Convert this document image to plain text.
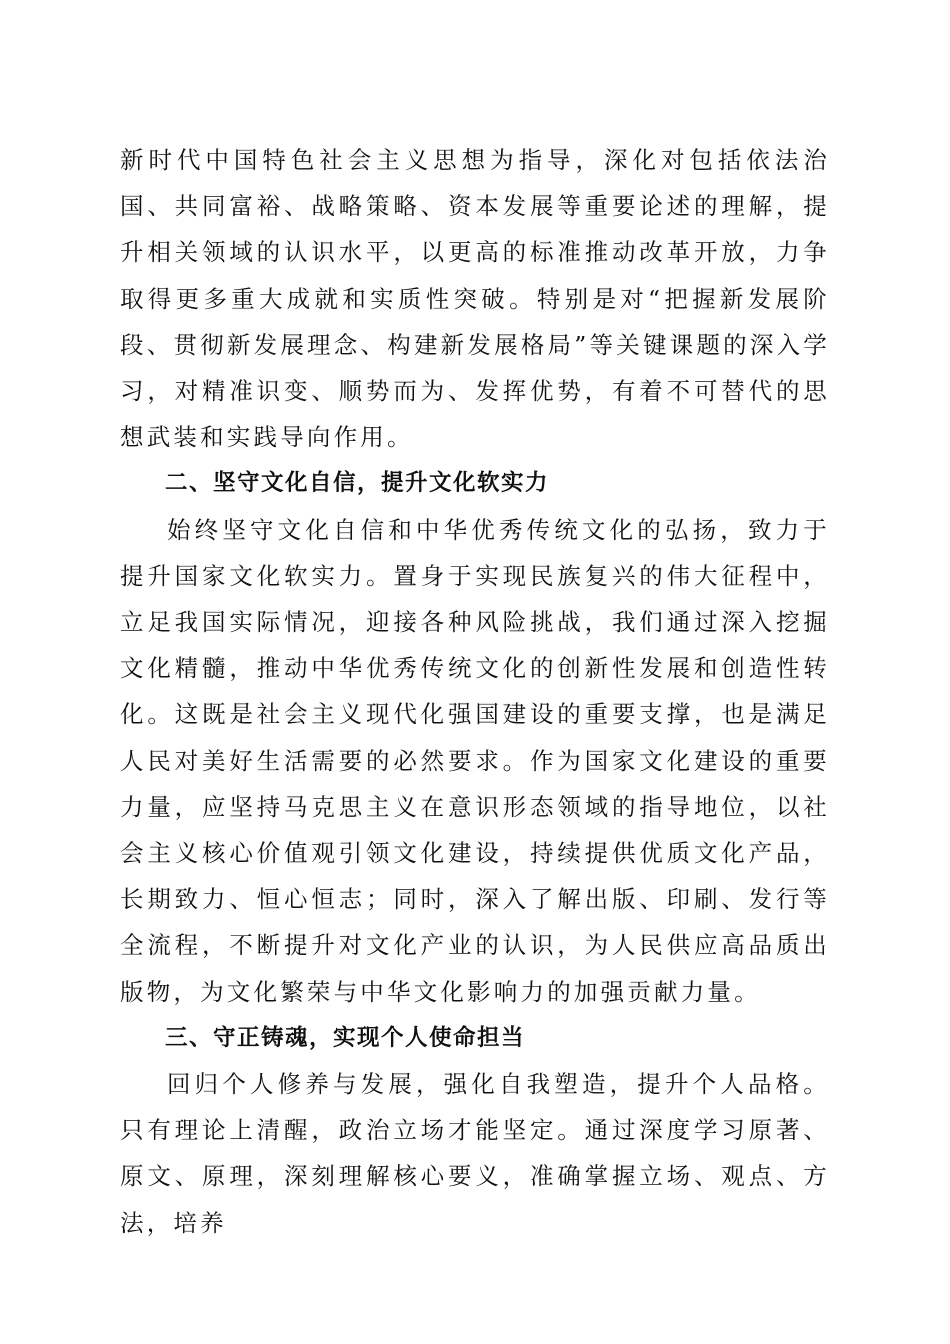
新时代中国特色社会主义思想为指导，深化对包括依法治国、共同富裕、战略策略、资本发展等重要论述的理解，提升相关领域的认识水平，以更高的标准推动改革开放，力争取得更多重大成就和实质性突破。特别是对“把握新发展阶段、贯彻新发展理念、构建新发展格局”等关键课题的深入学习，对精准识变、顺势而为、发挥优势，有着不可替代的思想武装和实践导向作用。

二、坚守文化自信，提升文化软实力

始终坚守文化自信和中华优秀传统文化的弘扬，致力于提升国家文化软实力。置身于实现民族复兴的伟大征程中，立足我国实际情况，迎接各种风险挑战，我们通过深入挖掘文化精髓，推动中华优秀传统文化的创新性发展和创造性转化。这既是社会主义现代化强国建设的重要支撑，也是满足人民对美好生活需要的必然要求。作为国家文化建设的重要力量，应坚持马克思主义在意识形态领域的指导地位，以社会主义核心价值观引领文化建设，持续提供优质文化产品，长期致力、恒心恒志；同时，深入了解出版、印刷、发行等全流程，不断提升对文化产业的认识，为人民供应高品质出版物，为文化繁荣与中华文化影响力的加强贡献力量。

三、守正铸魂，实现个人使命担当

回归个人修养与发展，强化自我塑造，提升个人品格。只有理论上清醒，政治立场才能坚定。通过深度学习原著、原文、原理，深刻理解核心要义，准确掌握立场、观点、方法，培养
